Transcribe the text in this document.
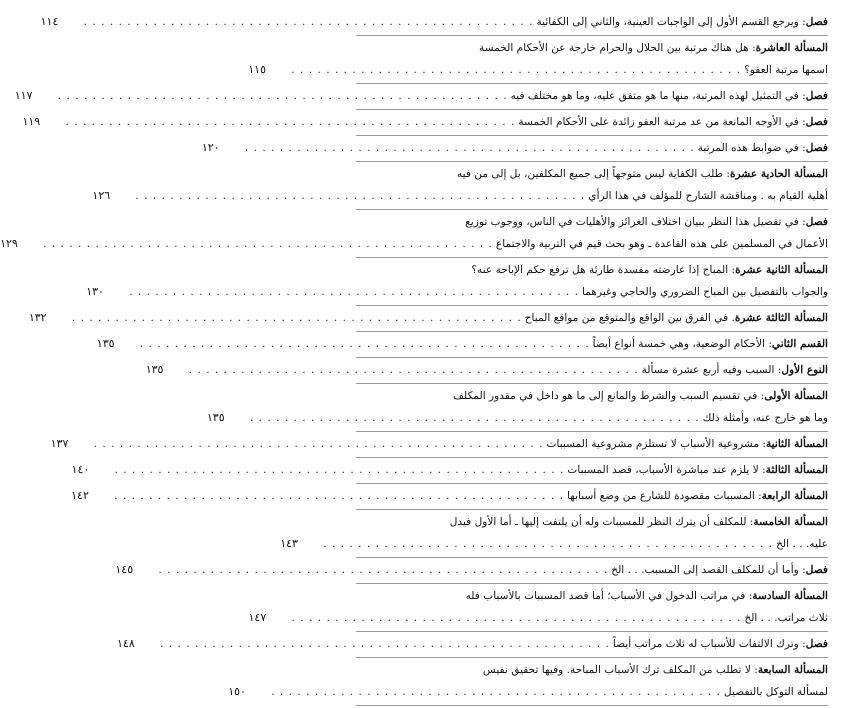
فصل: ويرجع القسم الأول إلى الواجبات العينية، والثاني إلى الكفائية
. . .
١١٤
المسألة العاشرة: هل هناك مرتبة بين الحلال والحرام خارجة عن الأحكام الخمسة
اسمها مرتبة العفو؟
. . .
١١٥
فصل: في التمثيل لهذه المرتبة، منها ما هو متفق عليه، وما هو مختلف فيه
. . .
١١٧
فصل: في الأوجه المانعة من عد مرتبة العفو زائدة على الأحكام الخمسة
. . .
١١٩
فصل: في ضوابط هذه المرتبة
. . .
١٢٠
المسألة الحادية عشرة: طلب الكفاية ليس متوجهاً إلى جميع المكلفين، بل إلى من فيه
أهلية القيام به . ومناقشة الشارح للمؤلف في هذا الرأي
. . .
١٢٦
فصل: في تفصيل هذا النظر ببيان اختلاف الغرائز والأهليات في الناس، ووجوب توزيع
الأعمال في المسلمين على هذه القاعدة ـ وهو بحث قيم في التربية والاجتماع
. . .
١٢٩
المسألة الثانية عشرة: المباح إذا عارضته مفسدة طارئة هل ترفع حكم الإباحة عنه؟
والجواب بالتفصيل بين المباح الضروري والحاجي وغيرهما
. . .
١٣٠
المسألة الثالثة عشرة. في الفرق بين الواقع والمتوقع من مواقع المباح
. . .
١٣٢
القسم الثاني: الأحكام الوضعية، وهي خمسة أنواع أيضاً
. . .
١٣٥
النوع الأول: السبب وفيه أربع عشرة مسألة
. . .
١٣٥
المسألة الأولى: في تقسيم السبب والشرط والمانع إلى ما هو داخل في مقدور المكلف
وما هو خارج عنه، وأمثلة ذلك
. . .
١٣٥
المسألة الثانية: مشروعية الأسباب لا تستلزم مشروعية المسببات
. . .
١٣٧
المسألة الثالثة: لا يلزم عند مباشرة الأسباب، قصد المسببات
. . .
١٤٠
المسألة الرابعة: المسببات مقصودة للشارع من وضع أسبابها
. . .
١٤٢
المسألة الخامسة: للمكلف أن يترك النظر للمسببات وله أن يلتفت إليها ـ أما الأول فيدل
عليه. . . الخ
. . .
١٤٣
فصل: وأما أن للمكلف القصد إلى المسبب. . . الخ
. . .
١٤٥
المسألة السادسة: في مراتب الدخول في الأسباب؛ أما قصد المسببات بالأسباب فله
ثلاث مراتب. . . الخ
. . .
١٤٧
فصل: وترك الالتفات للأسباب له ثلاث مراتب أيضاً
. . .
١٤٨
المسألة السابعة: لا تطلب من المكلف ترك الأسباب المباحة. وفيها تحقيق نفيس
لمسألة التوكل بالتفصيل
. . .
١٥٠
